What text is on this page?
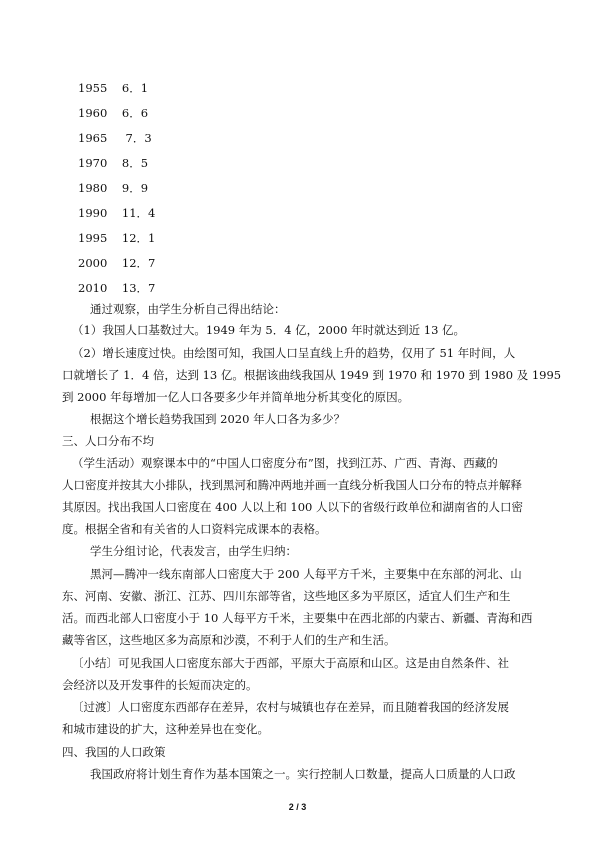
1955 6．1
1960 6．6
1965     7．3
1970 8．5
1980 9．9
1990 11．4
1995 12．1
2000 12．7
2010 13．7
通过观察，由学生分析自己得出结论：
（1）我国人口基数过大。1949 年为 5．4 亿，2000 年时就达到近 13 亿。
（2）增长速度过快。由绘图可知，我国人口呈直线上升的趋势，仅用了 51 年时间，人
口就增长了 1．4 倍，达到 13 亿。根据该曲线我国从 1949 到 1970 和 1970 到 1980 及 1995
到 2000 年每增加一亿人口各要多少年并简单地分析其变化的原因。
根据这个增长趋势我国到 2020 年人口各为多少？
三、人口分布不均
（学生活动）观察课本中的“中国人口密度分布”图，找到江苏、广西、青海、西藏的
人口密度并按其大小排队，找到黑河和腾冲两地并画一直线分析我国人口分布的特点并解释
其原因。找出我国人口密度在 400 人以上和 100 人以下的省级行政单位和湖南省的人口密
度。根据全省和有关省的人口资料完成课本的表格。
学生分组讨论，代表发言，由学生归纳：
黑河—腾冲一线东南部人口密度大于 200 人每平方千米，主要集中在东部的河北、山
东、河南、安徽、浙江、江苏、四川东部等省，这些地区多为平原区，适宜人们生产和生
活。而西北部人口密度小于 10 人每平方千米，主要集中在西北部的内蒙古、新疆、青海和西
藏等省区，这些地区多为高原和沙漠，不利于人们的生产和生活。
〔小结〕可见我国人口密度东部大于西部，平原大于高原和山区。这是由自然条件、社
会经济以及开发事件的长短而决定的。
〔过渡〕人口密度东西部存在差异，农村与城镇也存在差异，而且随着我国的经济发展
和城市建设的扩大，这种差异也在变化。
四、我国的人口政策
我国政府将计划生育作为基本国策之一。实行控制人口数量，提高人口质量的人口政
2 / 3
